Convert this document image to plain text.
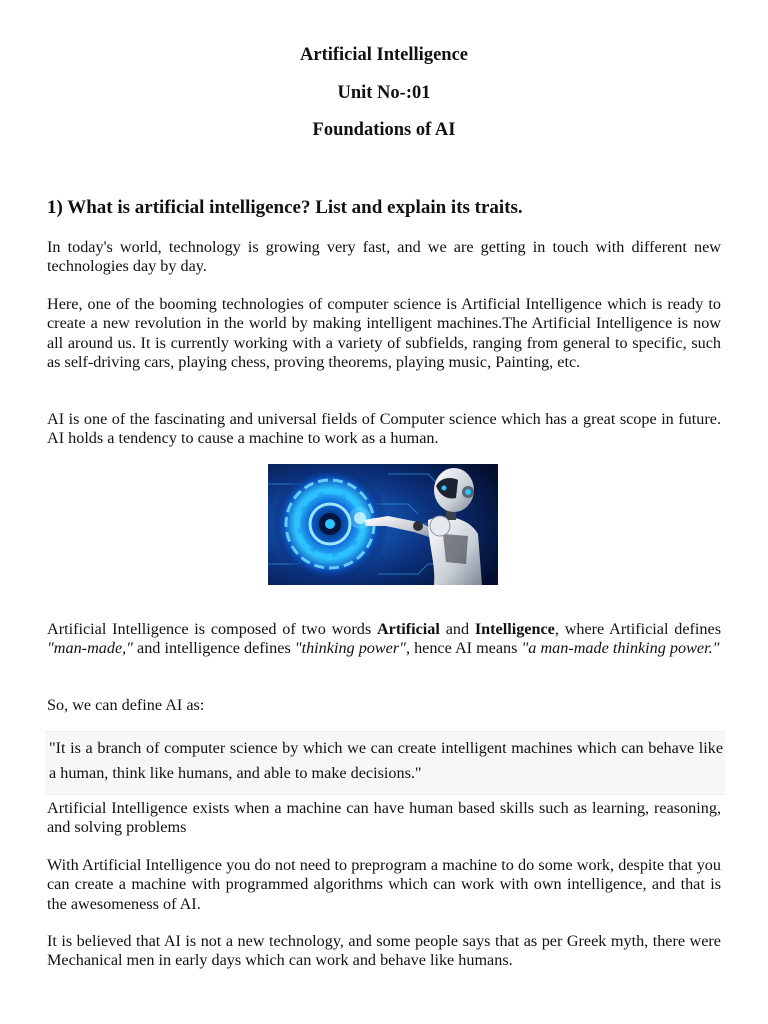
Artificial Intelligence
Unit No-:01
Foundations of AI
1) What is artificial intelligence? List and explain its traits.
In today's world, technology is growing very fast, and we are getting in touch with different new technologies day by day.
Here, one of the booming technologies of computer science is Artificial Intelligence which is ready to create a new revolution in the world by making intelligent machines.The Artificial Intelligence is now all around us. It is currently working with a variety of subfields, ranging from general to specific, such as self-driving cars, playing chess, proving theorems, playing music, Painting, etc.
AI is one of the fascinating and universal fields of Computer science which has a great scope in future. AI holds a tendency to cause a machine to work as a human.
Artificial Intelligence is composed of two words Artificial and Intelligence, where Artificial defines "man-made," and intelligence defines "thinking power", hence AI means "a man-made thinking power."
So, we can define AI as:
"It is a branch of computer science by which we can create intelligent machines which can behave like a human, think like humans, and able to make decisions."
Artificial Intelligence exists when a machine can have human based skills such as learning, reasoning, and solving problems
With Artificial Intelligence you do not need to preprogram a machine to do some work, despite that you can create a machine with programmed algorithms which can work with own intelligence, and that is the awesomeness of AI.
It is believed that AI is not a new technology, and some people says that as per Greek myth, there were Mechanical men in early days which can work and behave like humans.
